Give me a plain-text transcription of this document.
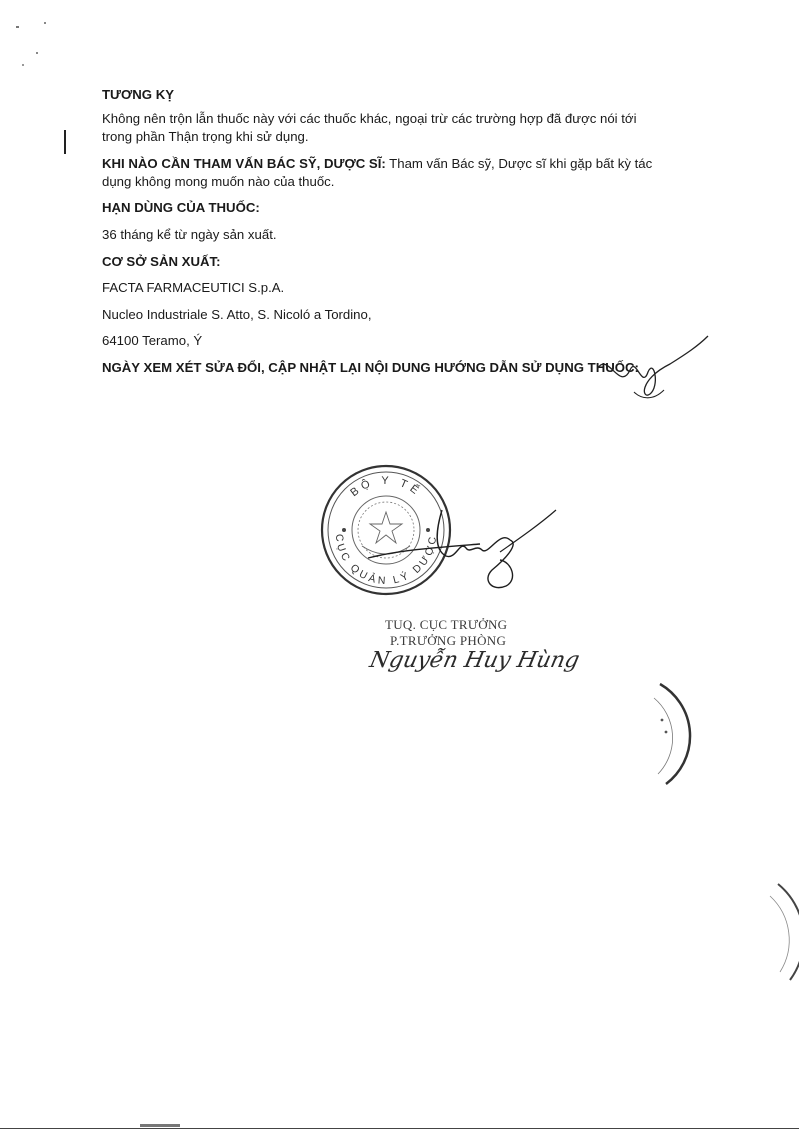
TƯƠNG KỴ
Không nên trộn lẫn thuốc này với các thuốc khác, ngoại trừ các trường hợp đã được nói tới
trong phần Thận trọng khi sử dụng.
KHI NÀO CẦN THAM VẤN BÁC SỸ, DƯỢC SĨ: Tham vấn Bác sỹ, Dược sĩ khi gặp bất kỳ tác
dụng không mong muốn nào của thuốc.
HẠN DÙNG CỦA THUỐC:
36 tháng kể từ ngày sản xuất.
CƠ SỞ SẢN XUẤT:
FACTA FARMACEUTICI S.p.A.
Nucleo Industriale S. Atto, S. Nicoló a Tordino,
64100 Teramo, Ý
NGÀY XEM XÉT SỬA ĐỔI, CẬP NHẬT LẠI NỘI DUNG HƯỚNG DẪN SỬ DỤNG THUỐC:
BỘ Y TẾ
CỤC QUẢN LÝ DƯỢC
TUQ. CỤC TRƯỞNG
P.TRƯỞNG PHÒNG
Nguyễn Huy Hùng
